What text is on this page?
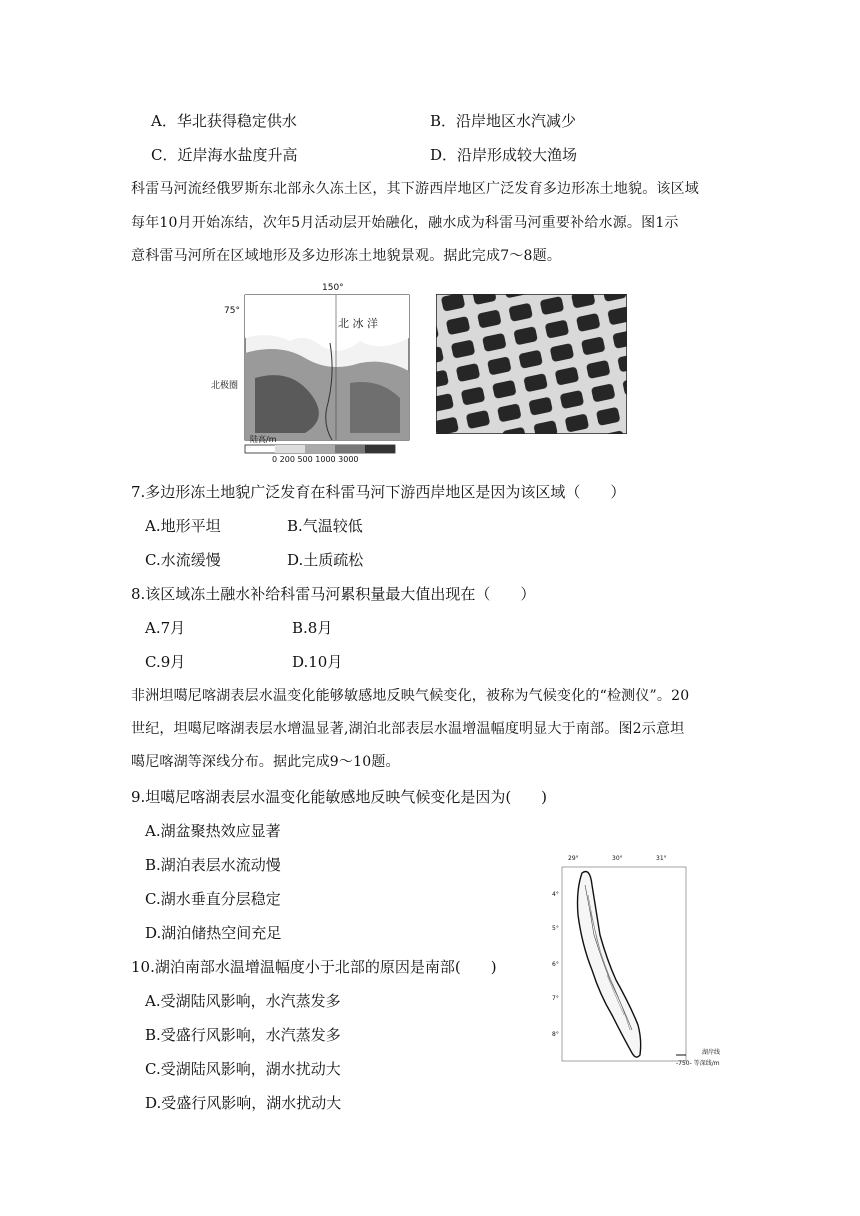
A．华北获得稳定供水	B．沿岸地区水汽减少
C．近岸海水盐度升高	D．沿岸形成较大渔场
科雷马河流经俄罗斯东北部永久冻土区，其下游西岸地区广泛发育多边形冻土地貌。该区域
每年10月开始冻结，次年5月活动层开始融化，融水成为科雷马河重要补给水源。图1示
意科雷马河所在区域地形及多边形冻土地貌景观。据此完成7～8题。
150°
75°
北极圈
北 冰 洋
陆高/m
0 200 500 1000 3000
7.多边形冻土地貌广泛发育在科雷马河下游西岸地区是因为该区域（　　）
A.地形平坦	B.气温较低
C.水流缓慢	D.土质疏松
8.该区域冻土融水补给科雷马河累积量最大值出现在（　　）
A.7月	B.8月
C.9月	D.10月
非洲坦噶尼喀湖表层水温变化能够敏感地反映气候变化，被称为气候变化的“检测仪”。20
世纪，坦噶尼喀湖表层水增温显著,湖泊北部表层水温增温幅度明显大于南部。图2示意坦
噶尼喀湖等深线分布。据此完成9～10题。
9.坦噶尼喀湖表层水温变化能敏感地反映气候变化是因为(　　)
A.湖盆聚热效应显著
B.湖泊表层水流动慢
C.湖水垂直分层稳定
D.湖泊储热空间充足
10.湖泊南部水温增温幅度小于北部的原因是南部(　　)
A.受湖陆风影响，水汽蒸发多
B.受盛行风影响，水汽蒸发多
C.受湖陆风影响，湖水扰动大
D.受盛行风影响，湖水扰动大
29°	30°	31°
4°
5°
6°
7°
8°
湖岸线
-750- 等深线/m
